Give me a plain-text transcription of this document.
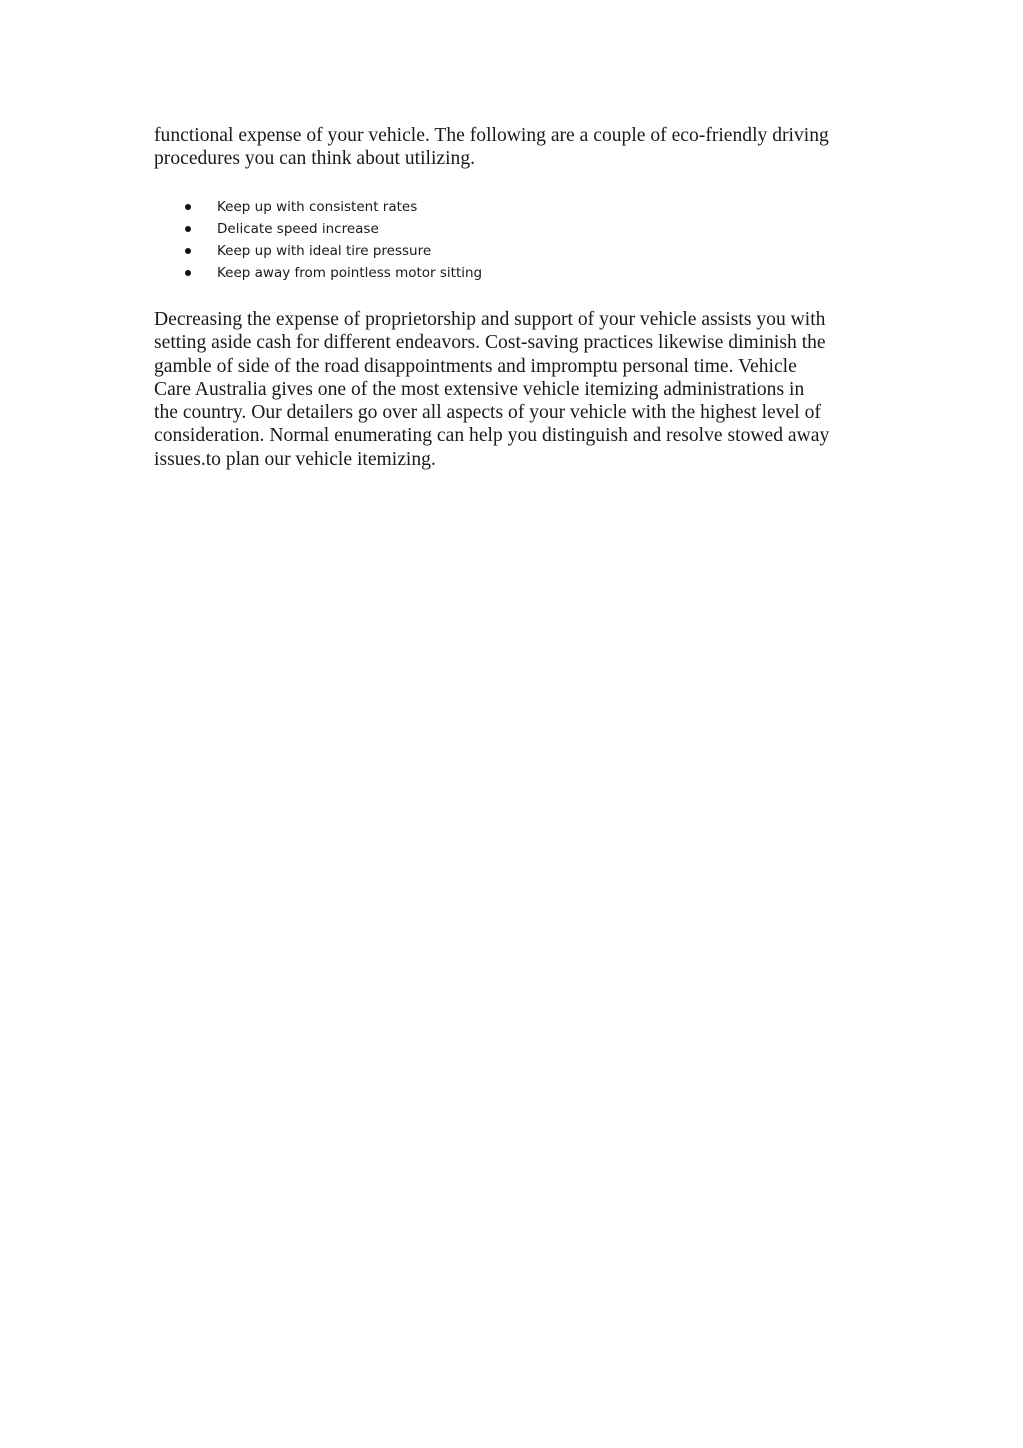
functional expense of your vehicle. The following are a couple of eco-friendly driving
procedures you can think about utilizing.

Keep up with consistent rates
Delicate speed increase
Keep up with ideal tire pressure
Keep away from pointless motor sitting

Decreasing the expense of proprietorship and support of your vehicle assists you with
setting aside cash for different endeavors. Cost-saving practices likewise diminish the
gamble of side of the road disappointments and impromptu personal time. Vehicle
Care Australia gives one of the most extensive vehicle itemizing administrations in
the country. Our detailers go over all aspects of your vehicle with the highest level of
consideration. Normal enumerating can help you distinguish and resolve stowed away
issues.to plan our vehicle itemizing.
